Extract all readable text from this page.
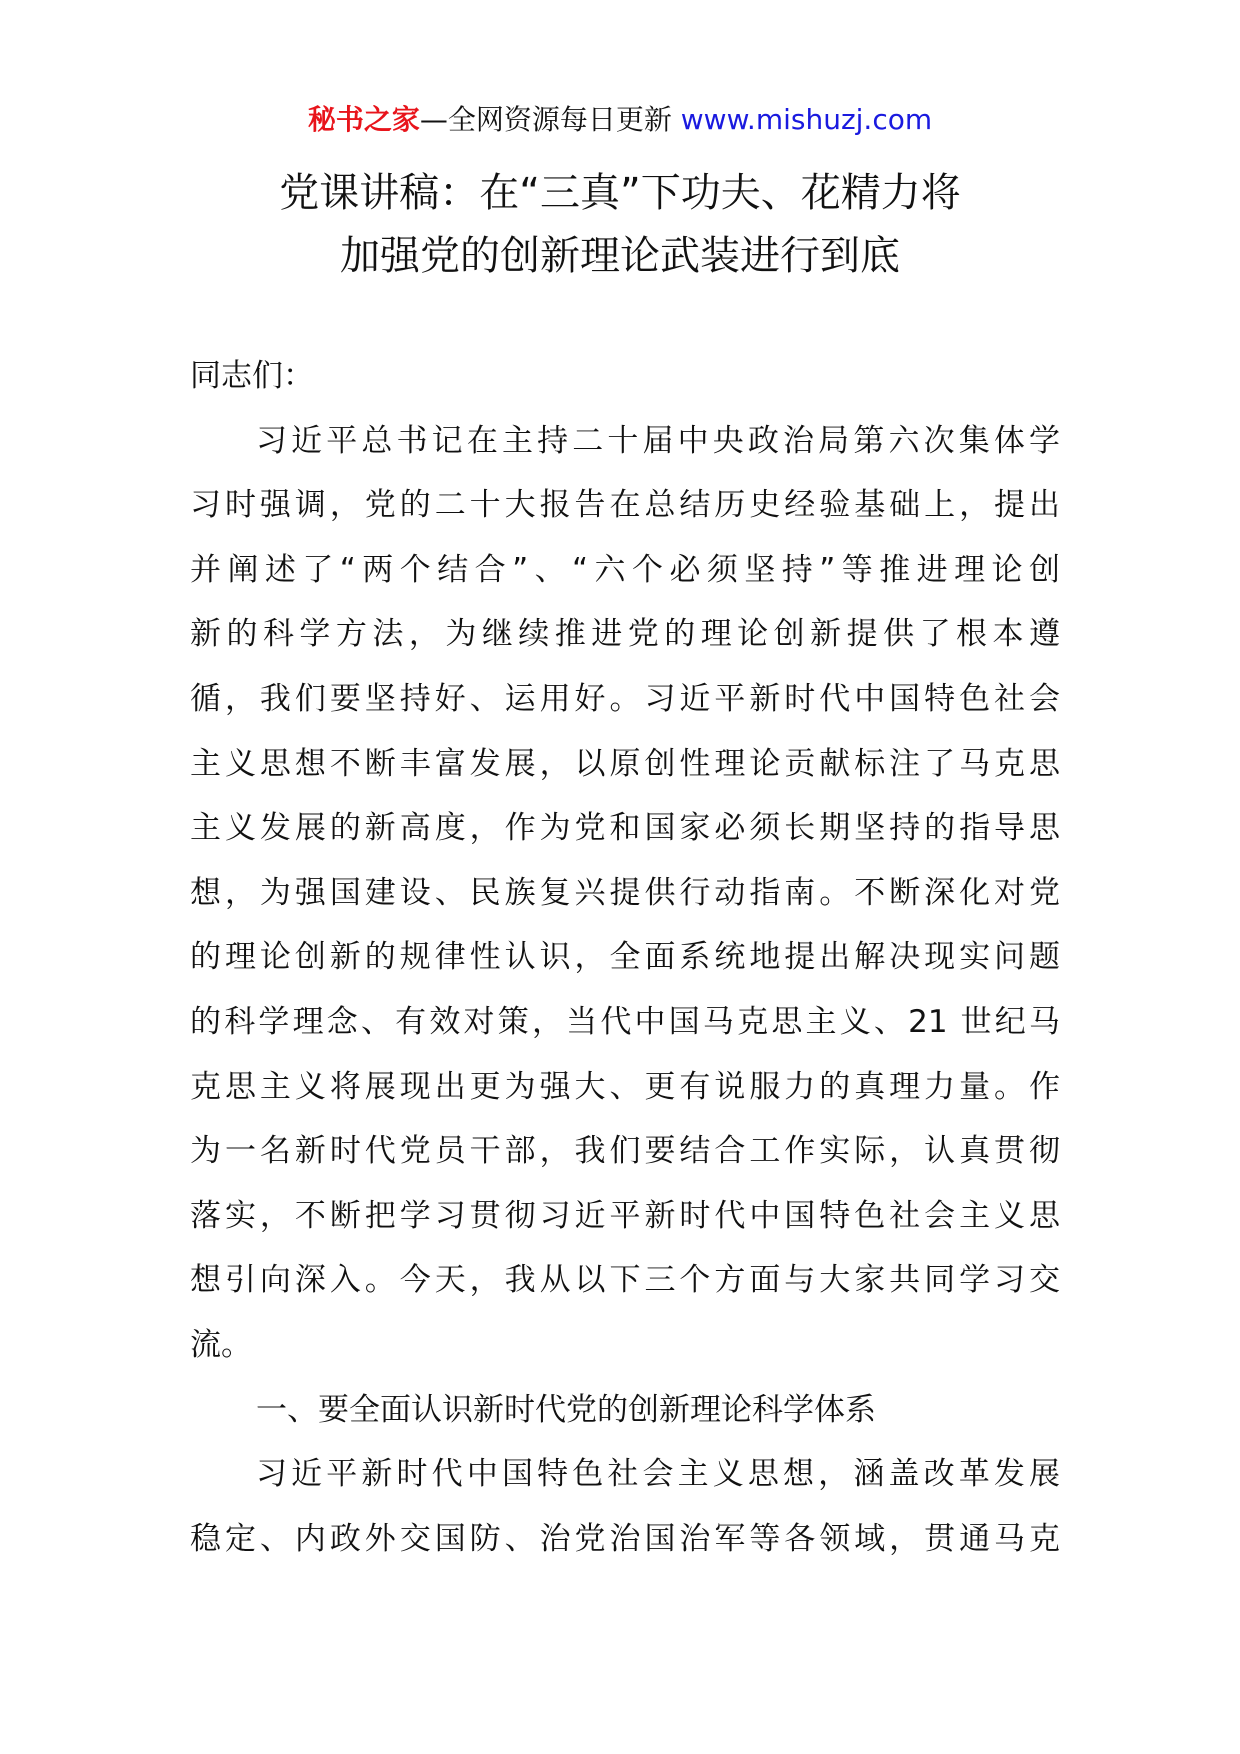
秘书之家—全网资源每日更新 www.mishuzj.com
党课讲稿：在“三真”下功夫、花精力将
加强党的创新理论武装进行到底
同志们：
习近平总书记在主持二十届中央政治局第六次集体学
习时强调，党的二十大报告在总结历史经验基础上，提出
并阐述了“两个结合”、“六个必须坚持”等推进理论创
新的科学方法，为继续推进党的理论创新提供了根本遵
循，我们要坚持好、运用好。习近平新时代中国特色社会
主义思想不断丰富发展，以原创性理论贡献标注了马克思
主义发展的新高度，作为党和国家必须长期坚持的指导思
想，为强国建设、民族复兴提供行动指南。不断深化对党
的理论创新的规律性认识，全面系统地提出解决现实问题
的科学理念、有效对策，当代中国马克思主义、21 世纪马
克思主义将展现出更为强大、更有说服力的真理力量。作
为一名新时代党员干部，我们要结合工作实际，认真贯彻
落实，不断把学习贯彻习近平新时代中国特色社会主义思
想引向深入。今天，我从以下三个方面与大家共同学习交
流。
一、要全面认识新时代党的创新理论科学体系
习近平新时代中国特色社会主义思想，涵盖改革发展
稳定、内政外交国防、治党治国治军等各领域，贯通马克
